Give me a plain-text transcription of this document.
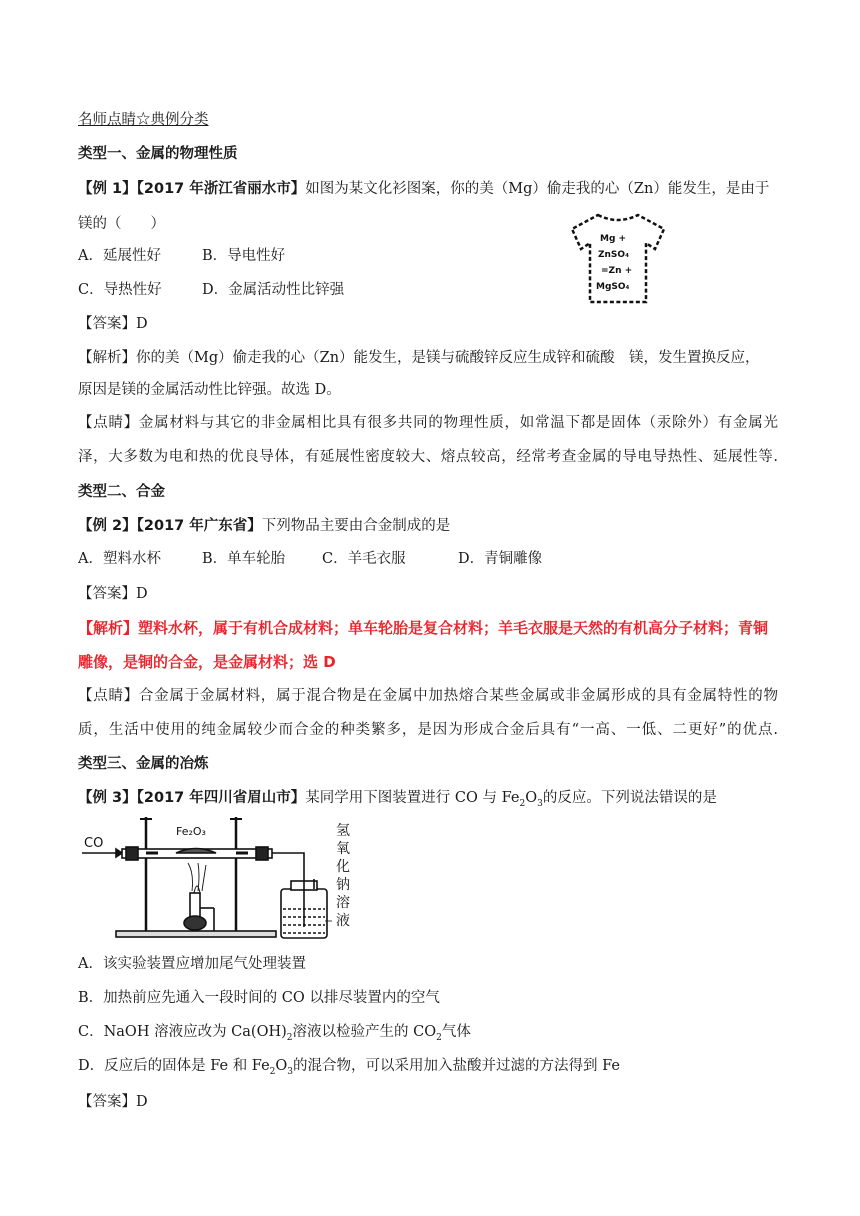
名师点睛☆典例分类
类型一、金属的物理性质
【例 1】【2017 年浙江省丽水市】如图为某文化衫图案，你的美（Mg）偷走我的心（Zn）能发生，是由于
镁的（　　）
A．延展性好	B．导电性好
C．导热性好	D．金属活动性比锌强
Mg +
ZnSO₄
=Zn +
MgSO₄
【答案】D
【解析】你的美（Mg）偷走我的心（Zn）能发生，是镁与硫酸锌反应生成锌和硫酸　镁，发生置换反应，
原因是镁的金属活动性比锌强。故选 D。
【点睛】金属材料与其它的非金属相比具有很多共同的物理性质，如常温下都是固体（汞除外）有金属光
泽，大多数为电和热的优良导体，有延展性密度较大、熔点较高，经常考查金属的导电导热性、延展性等.
类型二、合金
【例 2】【2017 年广东省】下列物品主要由合金制成的是
A．塑料水杯	B．单车轮胎	C．羊毛衣服	D．青铜雕像
【答案】D
【解析】塑料水杯，属于有机合成材料；单车轮胎是复合材料；羊毛衣服是天然的有机高分子材料；青铜
雕像，是铜的合金，是金属材料；选 D
【点睛】合金属于金属材料，属于混合物是在金属中加热熔合某些金属或非金属形成的具有金属特性的物
质，生活中使用的纯金属较少而合金的种类繁多，是因为形成合金后具有“一高、一低、二更好”的优点.
类型三、金属的冶炼
【例 3】【2017 年四川省眉山市】某同学用下图装置进行 CO 与 $Fe_2O_3$的反应。下列说法错误的是
CO
Fe₂O₃	氢
氧
化
钠
溶
液
A．该实验装置应增加尾气处理装置
B．加热前应先通入一段时间的 CO 以排尽装置内的空气
C．NaOH 溶液应改为 $Ca(OH)_2$溶液以检验产生的 $CO_2$气体
D．反应后的固体是 Fe 和 $Fe_2O_3$的混合物，可以采用加入盐酸并过滤的方法得到 Fe
【答案】D
